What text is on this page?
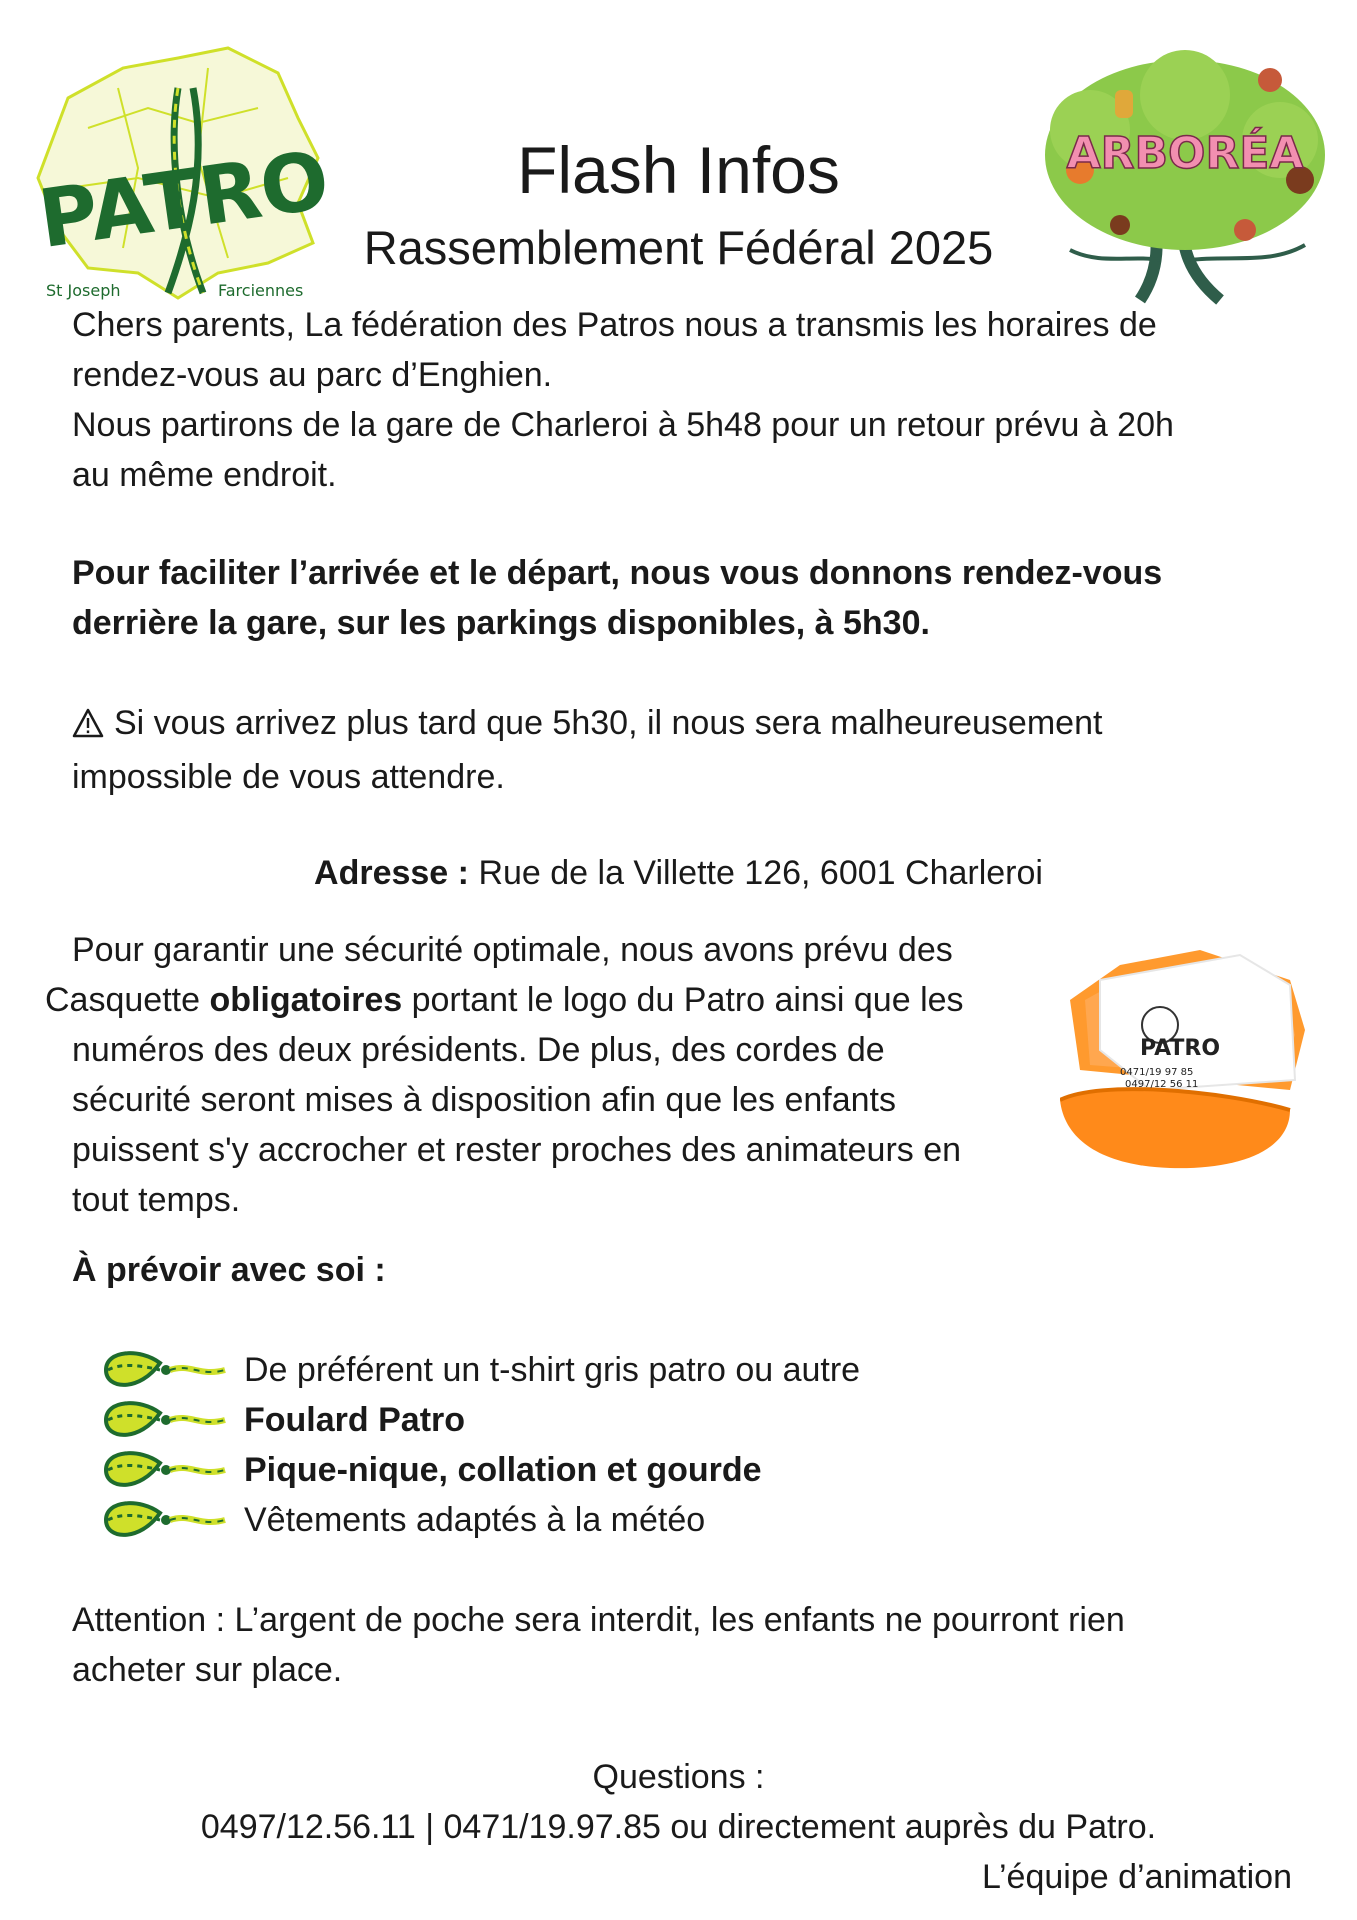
PATRO
St Joseph	Farciennes
ARBORÉA
Flash Infos
Rassemblement Fédéral 2025
Chers parents, La fédération des Patros nous a transmis les horaires de
rendez-vous au parc d’Enghien.
Nous partirons de la gare de Charleroi à 5h48 pour un retour prévu à 20h
au même endroit.
Pour faciliter l’arrivée et le départ, nous vous donnons rendez-vous
derrière la gare, sur les parkings disponibles, à 5h30.
Si vous arrivez plus tard que 5h30, il nous sera malheureusement
impossible de vous attendre.
Adresse : Rue de la Villette 126, 6001 Charleroi
Pour garantir une sécurité optimale, nous avons prévu des
Casquette obligatoires portant le logo du Patro ainsi que les
numéros des deux présidents. De plus, des cordes de
sécurité seront mises à disposition afin que les enfants
puissent s'y accrocher et rester proches des animateurs en
tout temps.
PATRO
0471/19 97 85
0497/12 56 11
À prévoir avec soi :
De préférent un t-shirt gris patro ou autre
Foulard Patro
Pique-nique, collation et gourde
Vêtements adaptés à la météo
Attention : L’argent de poche sera interdit, les enfants ne pourront rien
acheter sur place.
Questions :
0497/12.56.11 | 0471/19.97.85 ou directement auprès du Patro.
L’équipe d’animation
